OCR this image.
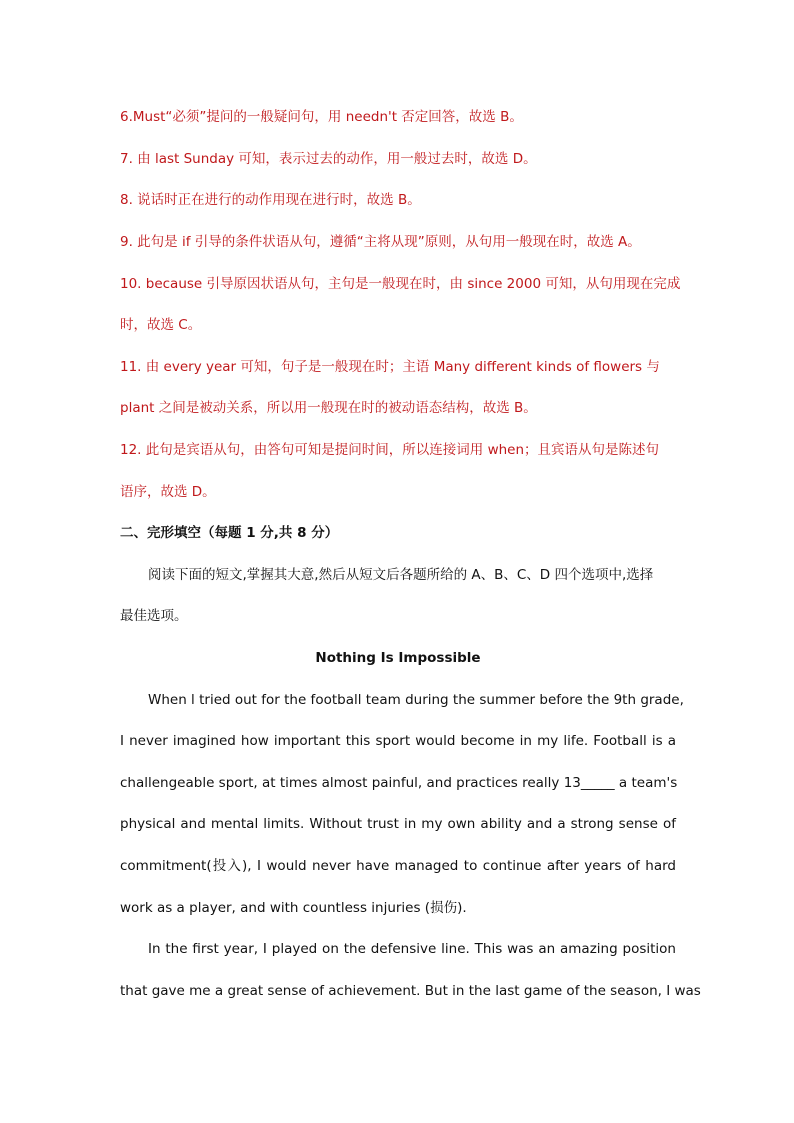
6.Must“必须”提问的一般疑问句，用 needn't 否定回答，故选 B。
7. 由 last Sunday 可知，表示过去的动作，用一般过去时，故选 D。
8. 说话时正在进行的动作用现在进行时，故选 B。
9. 此句是 if 引导的条件状语从句，遵循“主将从现”原则，从句用一般现在时，故选 A。
10. because 引导原因状语从句，主句是一般现在时，由 since 2000 可知，从句用现在完成
时，故选 C。
11. 由 every year 可知，句子是一般现在时；主语 Many different kinds of flowers 与
plant 之间是被动关系，所以用一般现在时的被动语态结构，故选 B。
12. 此句是宾语从句，由答句可知是提问时间，所以连接词用 when；且宾语从句是陈述句
语序，故选 D。
二、完形填空（每题 1 分,共 8 分）
阅读下面的短文,掌握其大意,然后从短文后各题所给的 A、B、C、D 四个选项中,选择
最佳选项。
Nothing Is Impossible
When l tried out for the football team during the summer before the 9th grade,
I never imagined how important this sport would become in my life. Football is a
challengeable sport, at times almost painful, and practices really 13_____ a team's
physical and mental limits. Without trust in my own ability and a strong sense of
commitment(投入), I would never have managed to continue after years of hard
work as a player, and with countless injuries (损伤).
In the first year, I played on the defensive line. This was an amazing position
that gave me a great sense of achievement. But in the last game of the season, I was
